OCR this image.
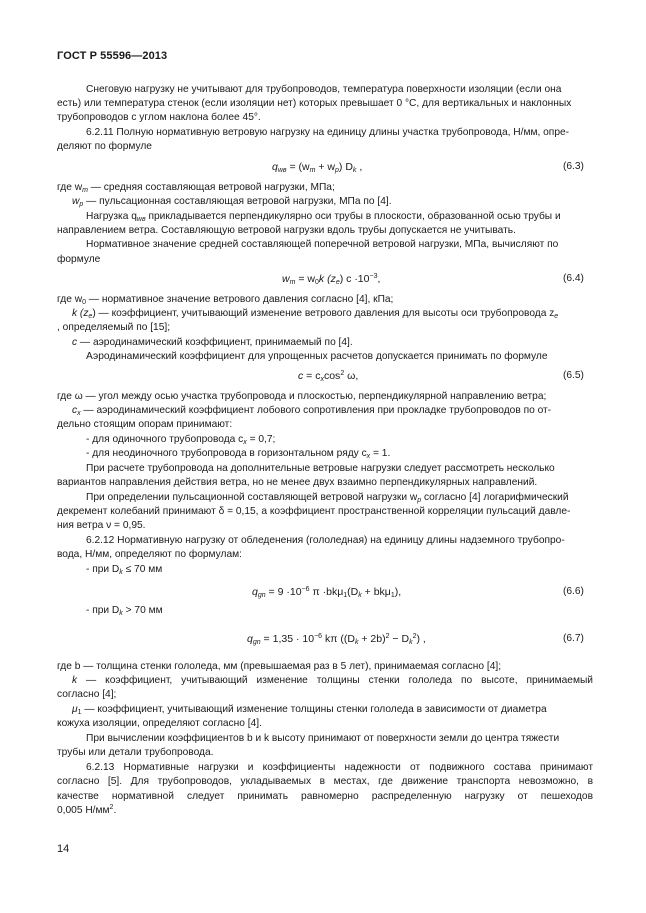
ГОСТ Р 55596—2013
Снеговую нагрузку не учитывают для трубопроводов, температура поверхности изоляции (если она
есть) или температура стенок (если изоляции нет) которых превышает 0 °С, для вертикальных и наклонных
трубопроводов с углом наклона более 45°.
6.2.11 Полную нормативную ветровую нагрузку на единицу длины участка трубопровода, Н/мм, опре-
деляют по формуле
$q_{wв} = (w_m + w_p)$ $D_k$ ,	(6.3)
где $w_m$ — средняя составляющая ветровой нагрузки, МПа;
$w_p$ — пульсационная составляющая ветровой нагрузки, МПа по [4].
Нагрузка $q_{wв}$ прикладывается перпендикулярно оси трубы в плоскости, образованной осью трубы и
направлением ветра. Составляющую ветровой нагрузки вдоль трубы допускается не учитывать.
Нормативное значение средней составляющей поперечной ветровой нагрузки, МПа, вычисляют по
формуле
$w_m = w_0k$ $(z_e)$ $c \cdot 10^{-3}$,	(6.4)
где $w_0$ — нормативное значение ветрового давления согласно [4], кПа;
k $(z_e)$ — коэффициент, учитывающий изменение ветрового давления для высоты оси трубопровода $z_e$
, определяемый по [15];
c — аэродинамический коэффициент, принимаемый по [4].
Аэродинамический коэффициент для упрощенных расчетов допускается принимать по формуле
$c = c_x\cos^2$ ω,	(6.5)
где ω — угол между осью участка трубопровода и плоскостью, перпендикулярной направлению ветра;
$c_x$ — аэродинамический коэффициент лобового сопротивления при прокладке трубопроводов по от-
дельно стоящим опорам принимают:
- для одиночного трубопровода $c_x = 0,7$;
- для неодиночного трубопровода в горизонтальном ряду $c_x = 1$.
При расчете трубопровода на дополнительные ветровые нагрузки следует рассмотреть несколько
вариантов направления действия ветра, но не менее двух взаимно перпендикулярных направлений.
При определении пульсационной составляющей ветровой нагрузки $w_p$ согласно [4] логарифмический
декремент колебаний принимают δ = 0,15, а коэффициент пространственной корреляции пульсаций давле-
ния ветра ν = 0,95.
6.2.12 Нормативную нагрузку от обледенения (гололедная) на единицу длины надземного трубопро-
вода, Н/мм, определяют по формулам:
- при $D_k \le 70$ мм
$q_{gn} = 9 \cdot 10^{-6}$ $\pi \cdot bk\mu_1(D_k + bk\mu_1)$,	(6.6)
- при $D_k > 70$ мм
$q_{gn} = 1,35 \cdot 10^{-6}$ kπ $((D_k + 2b)^2 - D_k^2)$ ,	(6.7)
где b — толщина стенки гололеда, мм (превышаемая раз в 5 лет), принимаемая согласно [4];
k — коэффициент, учитывающий изменение толщины стенки гололеда по высоте, принимаемый
согласно [4];
$\mu_1$ — коэффициент, учитывающий изменение толщины стенки гололеда в зависимости от диаметра
кожуха изоляции, определяют согласно [4].
При вычислении коэффициентов b и k высоту принимают от поверхности земли до центра тяжести
трубы или детали трубопровода.
6.2.13 Нормативные нагрузки и коэффициенты надежности от подвижного состава принимают
согласно [5]. Для трубопроводов, укладываемых в местах, где движение транспорта невозможно, в
качестве нормативной следует принимать равномерно распределенную нагрузку от пешеходов
0,005 $Н/мм^2$.
14
